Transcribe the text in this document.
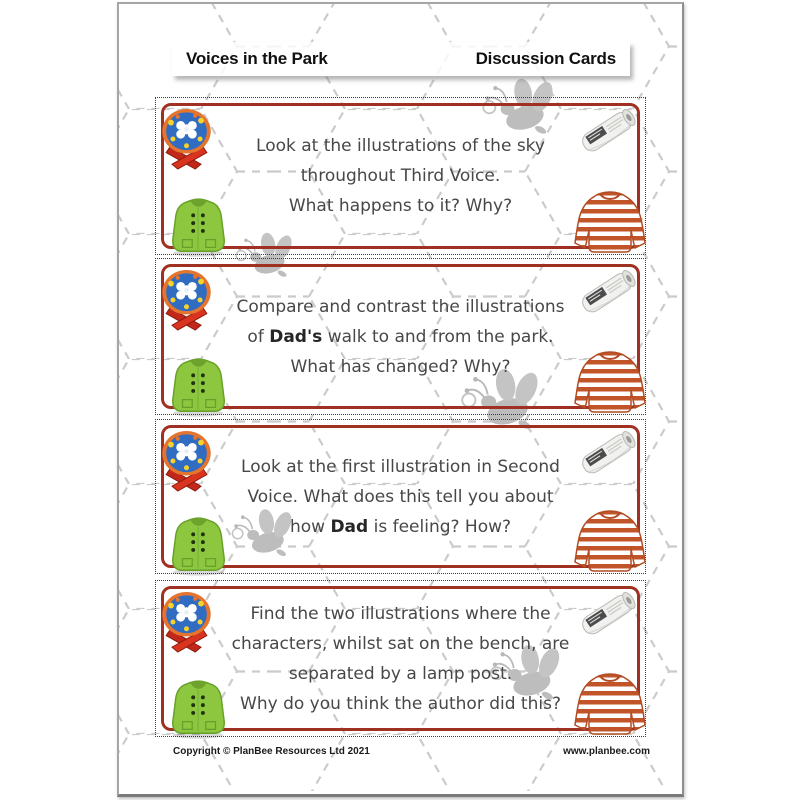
Voices in the Park	Discussion Cards
Look at the illustrations of the sky
throughout Third Voice.
What happens to it? Why?
Compare and contrast the illustrations
of Dad's walk to and from the park.
What has changed? Why?
Look at the first illustration in Second
Voice. What does this tell you about
how Dad is feeling? How?
Find the two illustrations where the
characters, whilst sat on the bench, are
separated by a lamp post.
Why do you think the author did this?
Copyright © PlanBee Resources Ltd 2021	www.planbee.com
